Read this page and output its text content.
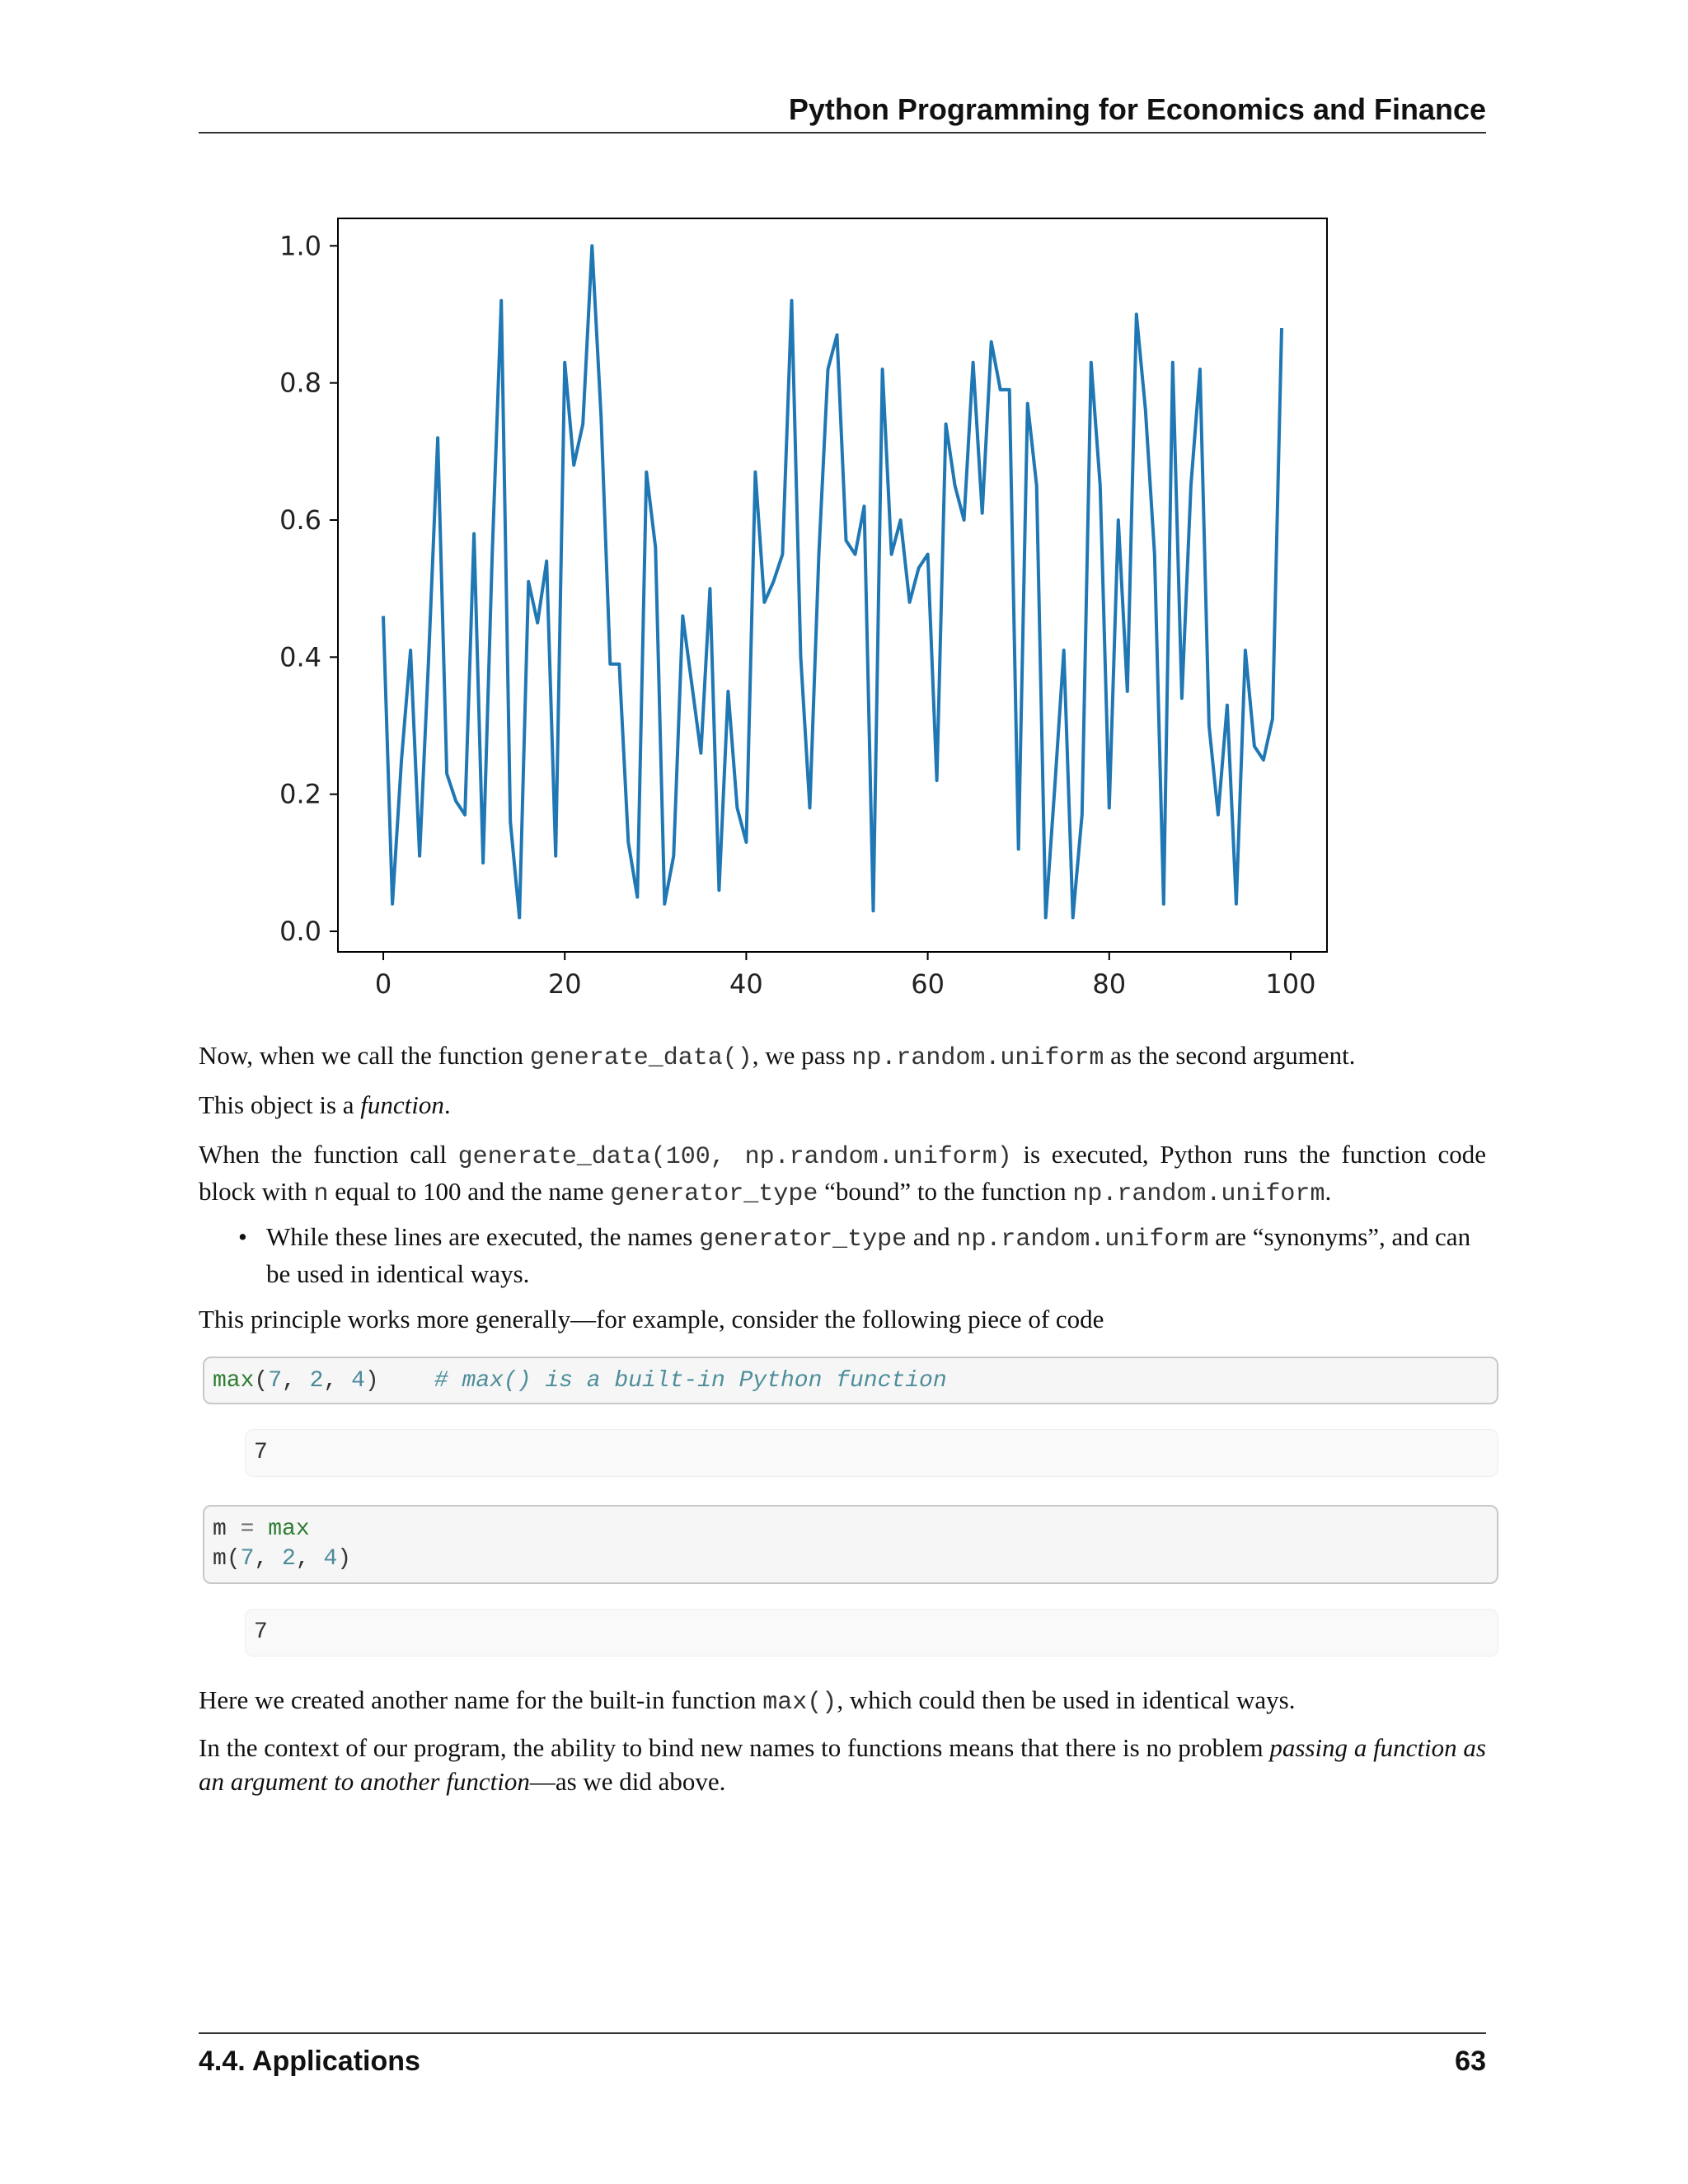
Python Programming for Economics and Finance
0.0
0.2
0.4
0.6
0.8
1.0
0	20	40	60	80	100
Now, when we call the function generate_data(), we pass np.random.uniform as the second argument.
This object is a function.
When the function call generate_data(100, np.random.uniform) is executed, Python runs the function code block with n equal to 100 and the name generator_type “bound” to the function np.random.uniform.
• While these lines are executed, the names generator_type and np.random.uniform are “synonyms”, and can be used in identical ways.
This principle works more generally—for example, consider the following piece of code
max(7, 2, 4) # max() is a built-in Python function
7
m = max
m(7, 2, 4)
7
Here we created another name for the built-in function max(), which could then be used in identical ways.
In the context of our program, the ability to bind new names to functions means that there is no problem passing a function as an argument to another function—as we did above.
4.4. Applications	63
